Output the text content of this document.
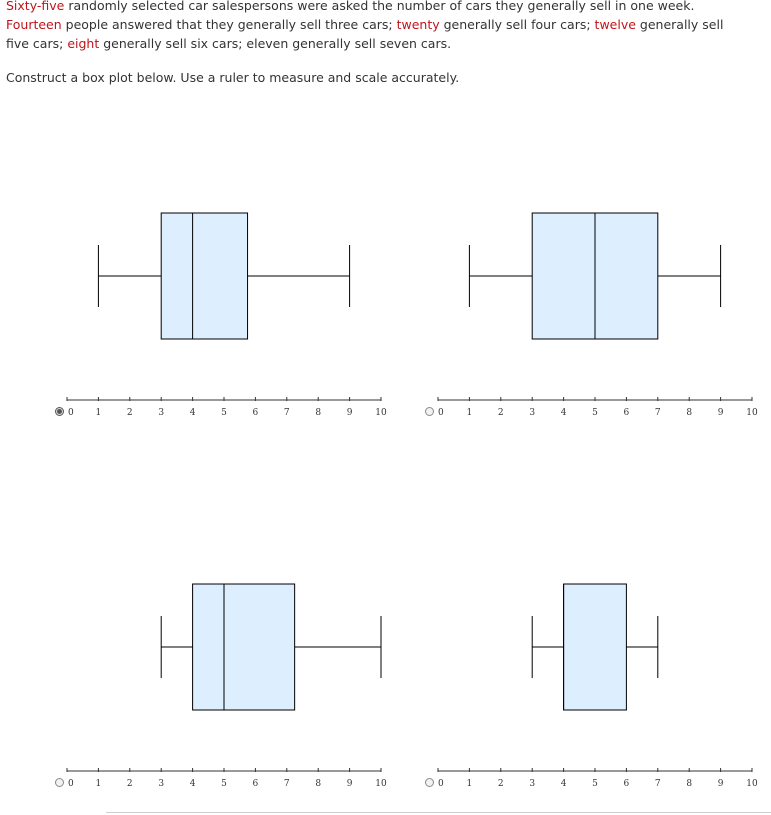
Sixty-five randomly selected car salespersons were asked the number of cars they generally sell in one week. Fourteen people answered that they generally sell three cars; twenty generally sell four cars; twelve generally sell five cars; eight generally sell six cars; eleven generally sell seven cars.

Construct a box plot below. Use a ruler to measure and scale accurately.

1	2	3	4	5	6	7	8	9	10
0	1	2	3	4	5	6	7	8	9	10
0
1	2	3	4	5	6	7	8	9	10
0	1	2	3	4	5	6	7	8	9	10
0
